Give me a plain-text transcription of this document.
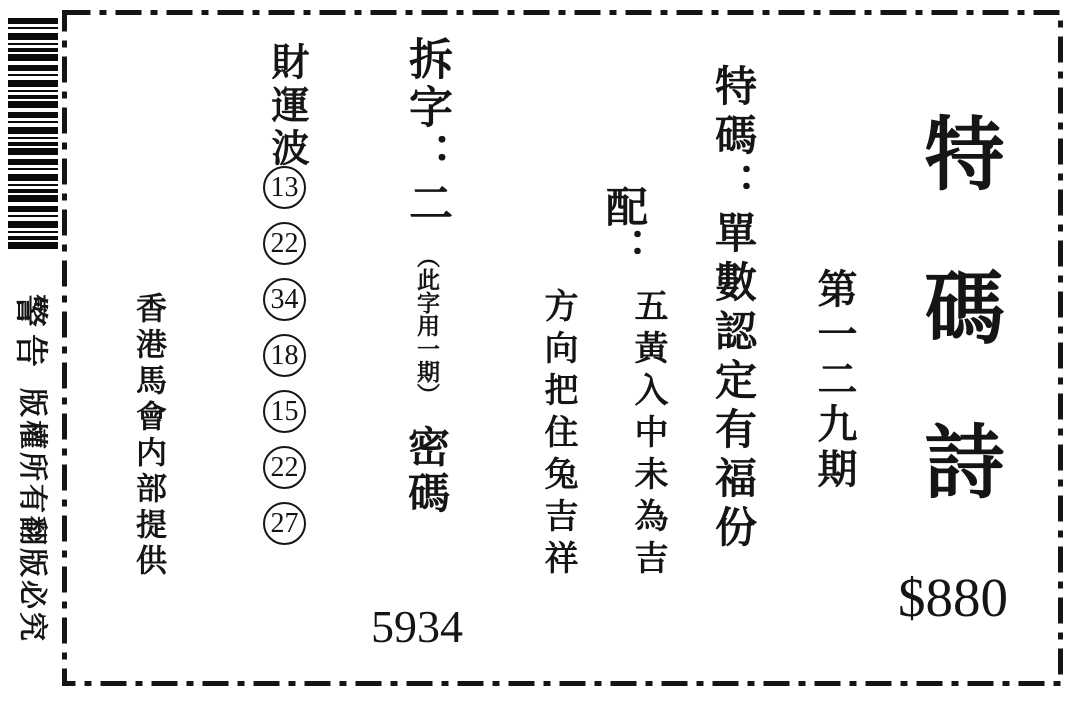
警告
版權所有翻版必究	香港馬會内部提供
財運波
13
22
34
18
15
22
27
拆字：二 （此字用一期） 密碼
5934
配：
五黃入中未為吉
方向把住兔吉祥	特碼：單數認定有福份 第一二九期 特碼詩
$880
